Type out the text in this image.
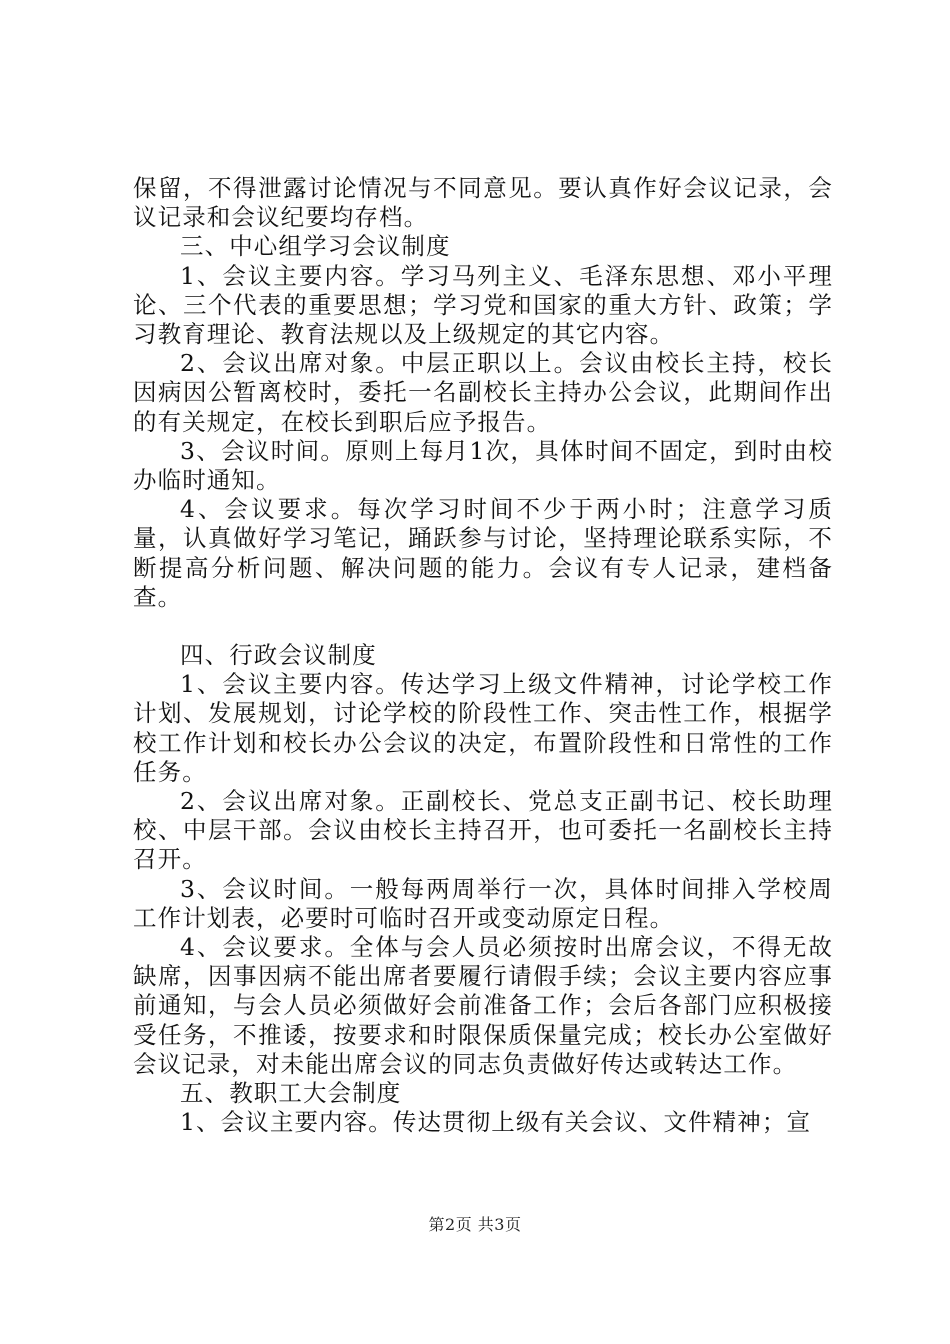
保留，不得泄露讨论情况与不同意见。要认真作好会议记录，会议记录和会议纪要均存档。

三、中心组学习会议制度

1、会议主要内容。学习马列主义、毛泽东思想、邓小平理论、三个代表的重要思想；学习党和国家的重大方针、政策；学习教育理论、教育法规以及上级规定的其它内容。

2、会议出席对象。中层正职以上。会议由校长主持，校长因病因公暂离校时，委托一名副校长主持办公会议，此期间作出的有关规定，在校长到职后应予报告。

3、会议时间。原则上每月1次，具体时间不固定，到时由校办临时通知。

4、会议要求。每次学习时间不少于两小时；注意学习质量，认真做好学习笔记，踊跃参与讨论，坚持理论联系实际，不断提高分析问题、解决问题的能力。会议有专人记录，建档备查。

四、行政会议制度

1、会议主要内容。传达学习上级文件精神，讨论学校工作计划、发展规划，讨论学校的阶段性工作、突击性工作，根据学校工作计划和校长办公会议的决定，布置阶段性和日常性的工作任务。

2、会议出席对象。正副校长、党总支正副书记、校长助理校、中层干部。会议由校长主持召开，也可委托一名副校长主持召开。

3、会议时间。一般每两周举行一次，具体时间排入学校周工作计划表，必要时可临时召开或变动原定日程。

4、会议要求。全体与会人员必须按时出席会议，不得无故缺席，因事因病不能出席者要履行请假手续；会议主要内容应事前通知，与会人员必须做好会前准备工作；会后各部门应积极接受任务，不推诿，按要求和时限保质保量完成；校长办公室做好会议记录，对未能出席会议的同志负责做好传达或转达工作。

五、教职工大会制度

1、会议主要内容。传达贯彻上级有关会议、文件精神；宣

第2页 共3页
